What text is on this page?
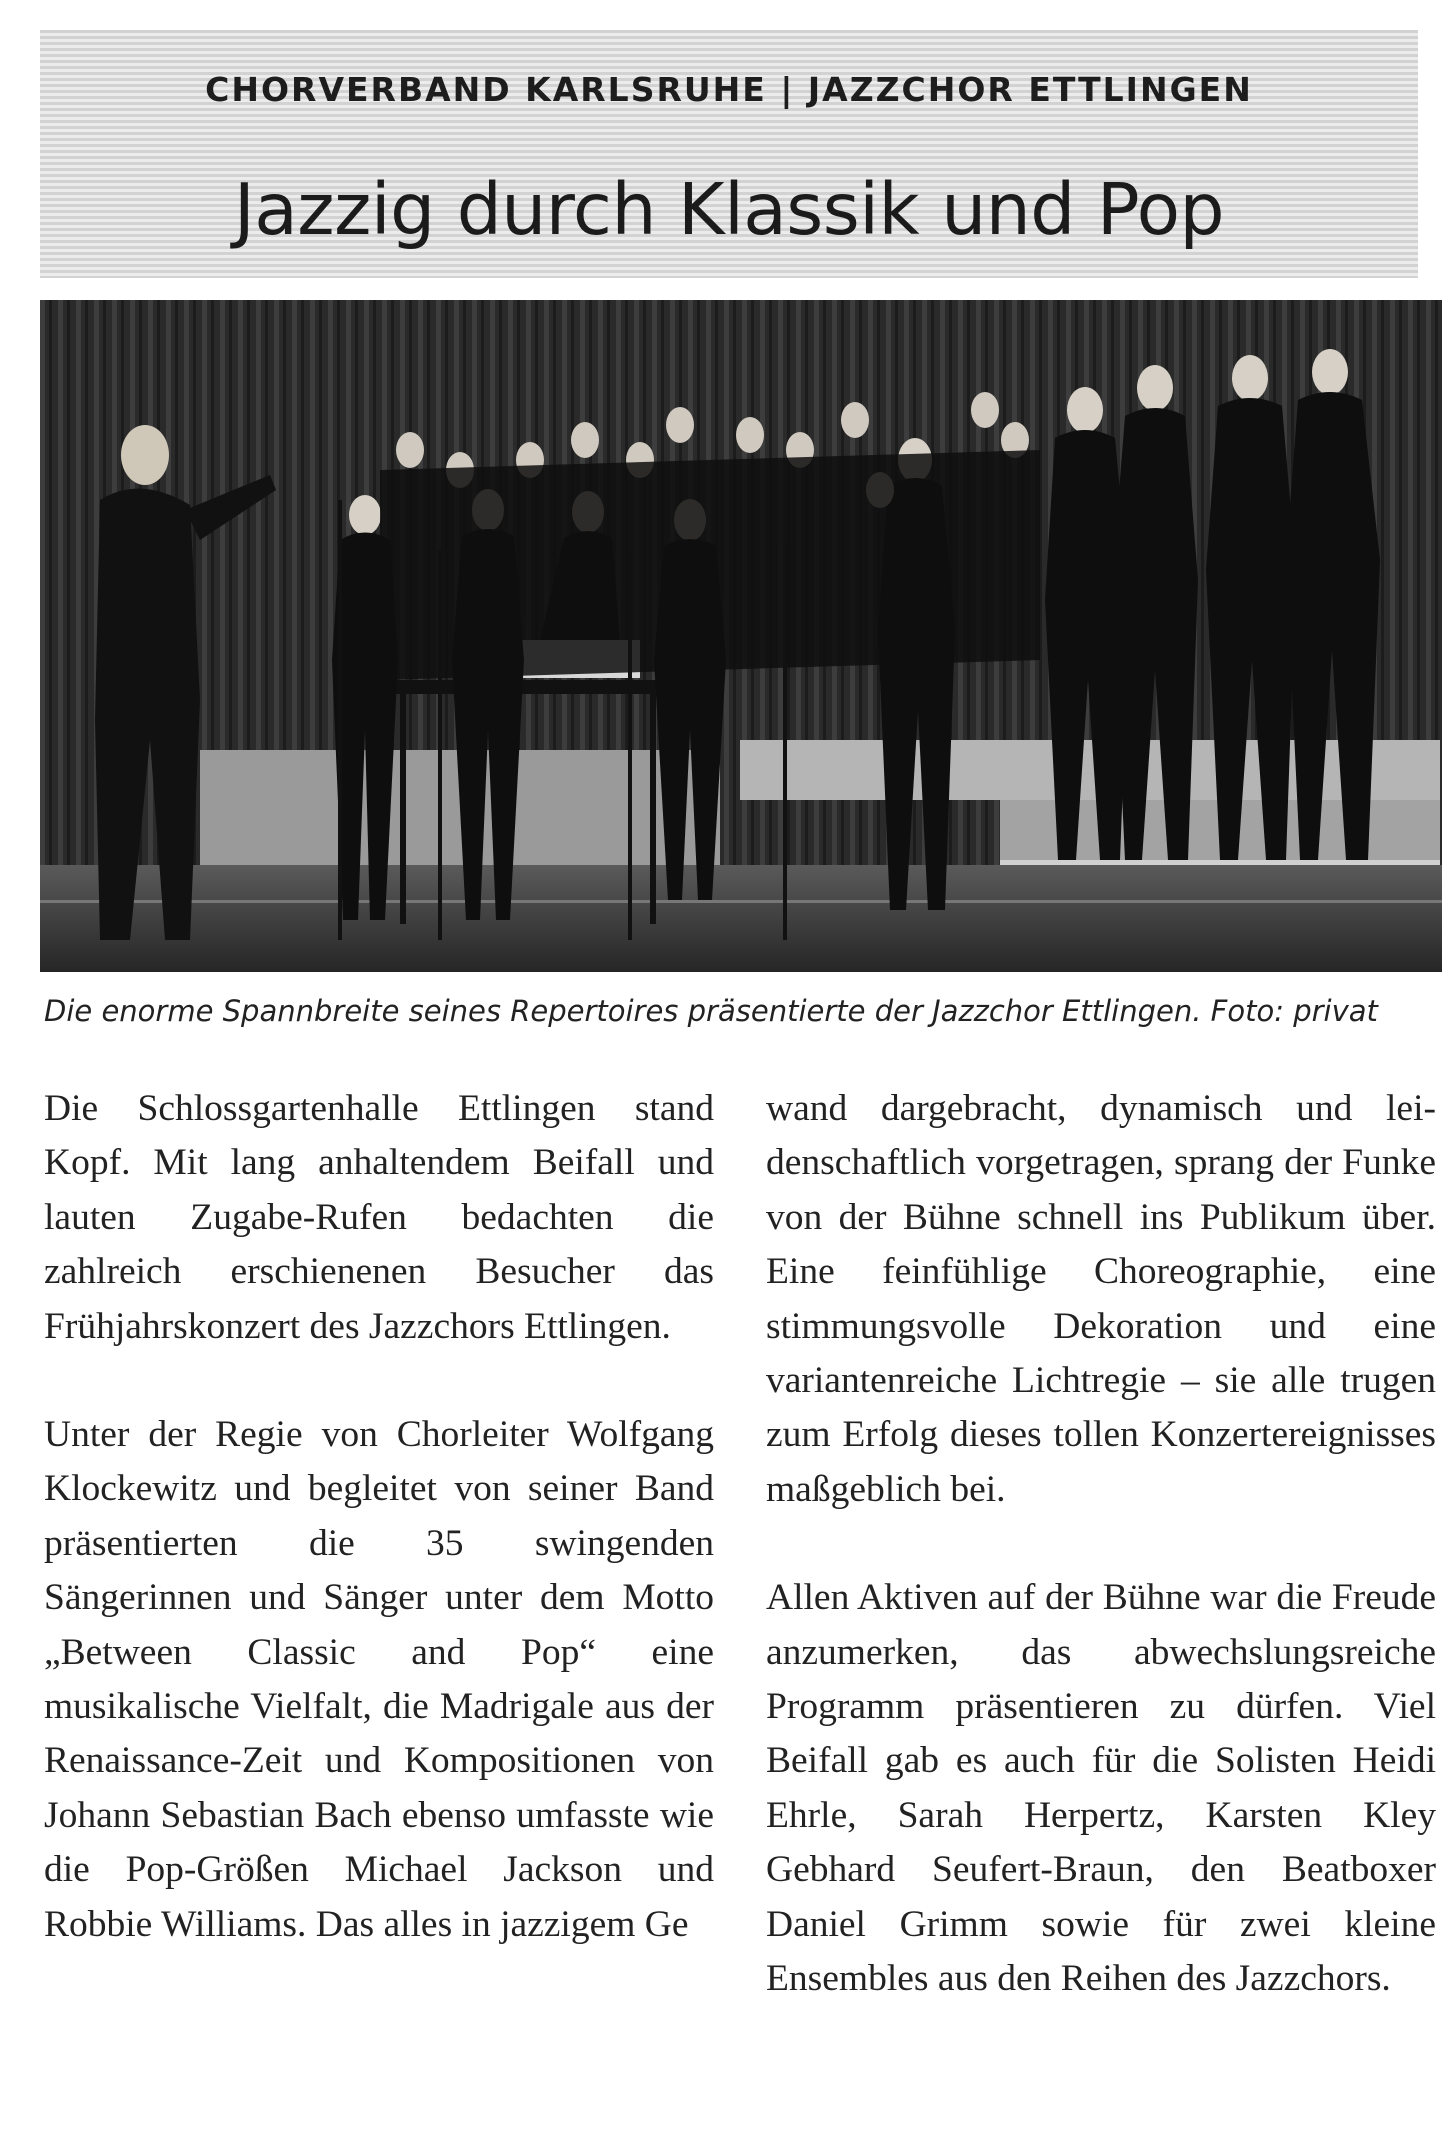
CHORVERBAND KARLSRUHE | JAZZCHOR ETTLINGEN
Jazzig durch Klassik und Pop
Die enorme Spannbreite seines Repertoires präsentierte der Jazzchor Ettlingen. Foto: privat

Die Schlossgartenhalle Ettlingen stand Kopf. Mit lang anhaltendem Beifall und lauten Zugabe-Rufen bedachten die zahlreich erschienenen Besucher das Frühjahrskonzert des Jazzchors Ettlingen.

Unter der Regie von Chorleiter Wolfgang Klockewitz und begleitet von seiner Band präsentierten die 35 swingenden Sängerinnen und Sänger unter dem Motto „Between Classic and Pop“ eine musikalische Vielfalt, die Madrigale aus der Renaissance-Zeit und Kompositionen von Johann Sebastian Bach ebenso umfasste wie die Pop-Größen Michael Jackson und Robbie Williams. Das alles in jazzigem Ge

wand dargebracht, dynamisch und leidenschaftlich vorgetragen, sprang der Funke von der Bühne schnell ins Publikum über. Eine feinfühlige Choreographie, eine stimmungsvolle Dekoration und eine variantenreiche Lichtregie – sie alle trugen zum Erfolg dieses tollen Konzertereignisses maßgeblich bei.

Allen Aktiven auf der Bühne war die Freude anzumerken, das abwechslungsreiche Programm präsentieren zu dürfen. Viel Beifall gab es auch für die Solisten Heidi Ehrle, Sarah Herpertz, Karsten Kley Gebhard Seufert-Braun, den Beatboxer Daniel Grimm sowie für zwei kleine Ensembles aus den Reihen des Jazzchors.
